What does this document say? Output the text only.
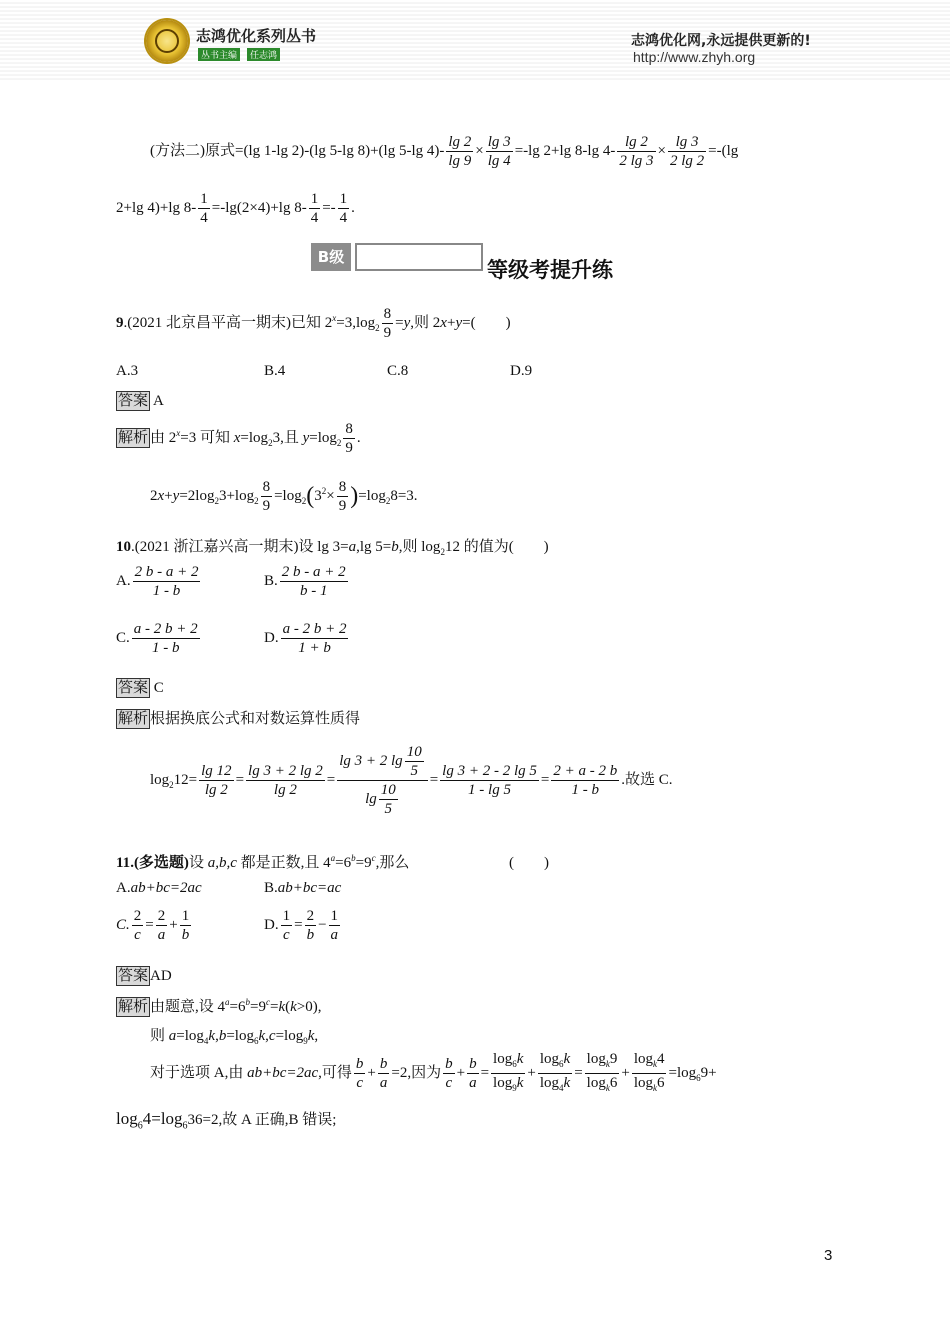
志鸿优化系列丛书
丛书主编	任志鸿
志鸿优化网,永远提供更新的!
http://www.zhyh.org
(方法二)原式=(lg 1-lg 2)-(lg 5-lg 8)+(lg 5-lg $4)- \frac{\lg 2}{\lg 9} \times \frac{\lg 3}{\lg 4} =-\lg$ 2+lg 8-lg $4- \frac{\lg 2}{2 \lg 3} \times \frac{\lg 3}{2 \lg 2} =-(\lg$
2+lg 4)+lg $8- \frac{1}{4} =-\lg(2\times 4)+\lg$ $8- \frac{1}{4} =- \frac{1}{4}$ .
B级
等级考提升练
9.(2021 北京昌平高一期末)已知 $2^x=3,\log_2 \frac{8}{9} =y$,则 2x+y=(　　)
A.3	B.4	C.8	D.9
答案 A
解析 由 $2^x=3$ 可知 $x=\log_23$,且 $y=\log_2 \frac{8}{9}$ .
$2x+y=2\log_23+\log_2 \frac{8}{9} =\log_2(3^2\times \frac{8}{9} )=\log_28=3$.
10.(2021 浙江嘉兴高一期末)设 lg 3=a,lg 5=b,则 $\log_212$ 的值为(　　)
A. $\frac{2 b - a + 2}{1 - b}$	B. $\frac{2 b - a + 2}{b - 1}$
C. $\frac{a - 2 b + 2}{1 - b}$	D. $\frac{a - 2 b + 2}{1 + b}$
答案 C
解析 根据换底公式和对数运算性质得
$\log_212= \frac{\lg 12}{\lg 2} = \frac{\lg 3 + 2 \lg 2}{\lg 2} = \frac{\lg 3 + 2 \lg \frac{10}{5}}{\lg \frac{10}{5}} = \frac{\lg 3 + 2 - 2 \lg 5}{1 - \lg 5} = \frac{2 + a - 2 b}{1 - b}$ .故选 C.
11.(多选题)设 a,b,c 都是正数,且 $4^a=6^b=9^c$,那么	(　　)
A.ab+bc=2ac	B.ab+bc=ac
C. $\frac{2}{c} = \frac{2}{a} + \frac{1}{b}$	D. $\frac{1}{c} = \frac{2}{b} - \frac{1}{a}$
答案 AD
解析 由题意,设 $4^a=6^b=9^c=k(k>0)$,
则 $a=\log_4k,b=\log_6k,c=\log_9k$,
对于选项 A,由 ab+bc=2ac,可得 $\frac{b}{c} + \frac{b}{a} =2$,因为 $\frac{b}{c} + \frac{b}{a} = \frac{\log_6k}{\log_9k} + \frac{\log_6k}{\log_4k} = \frac{\log_k9}{\log_k6} + \frac{\log_k4}{\log_k6} =\log_69+$
$\log_64=\log_636=2$,故 A 正确,B 错误;
3
